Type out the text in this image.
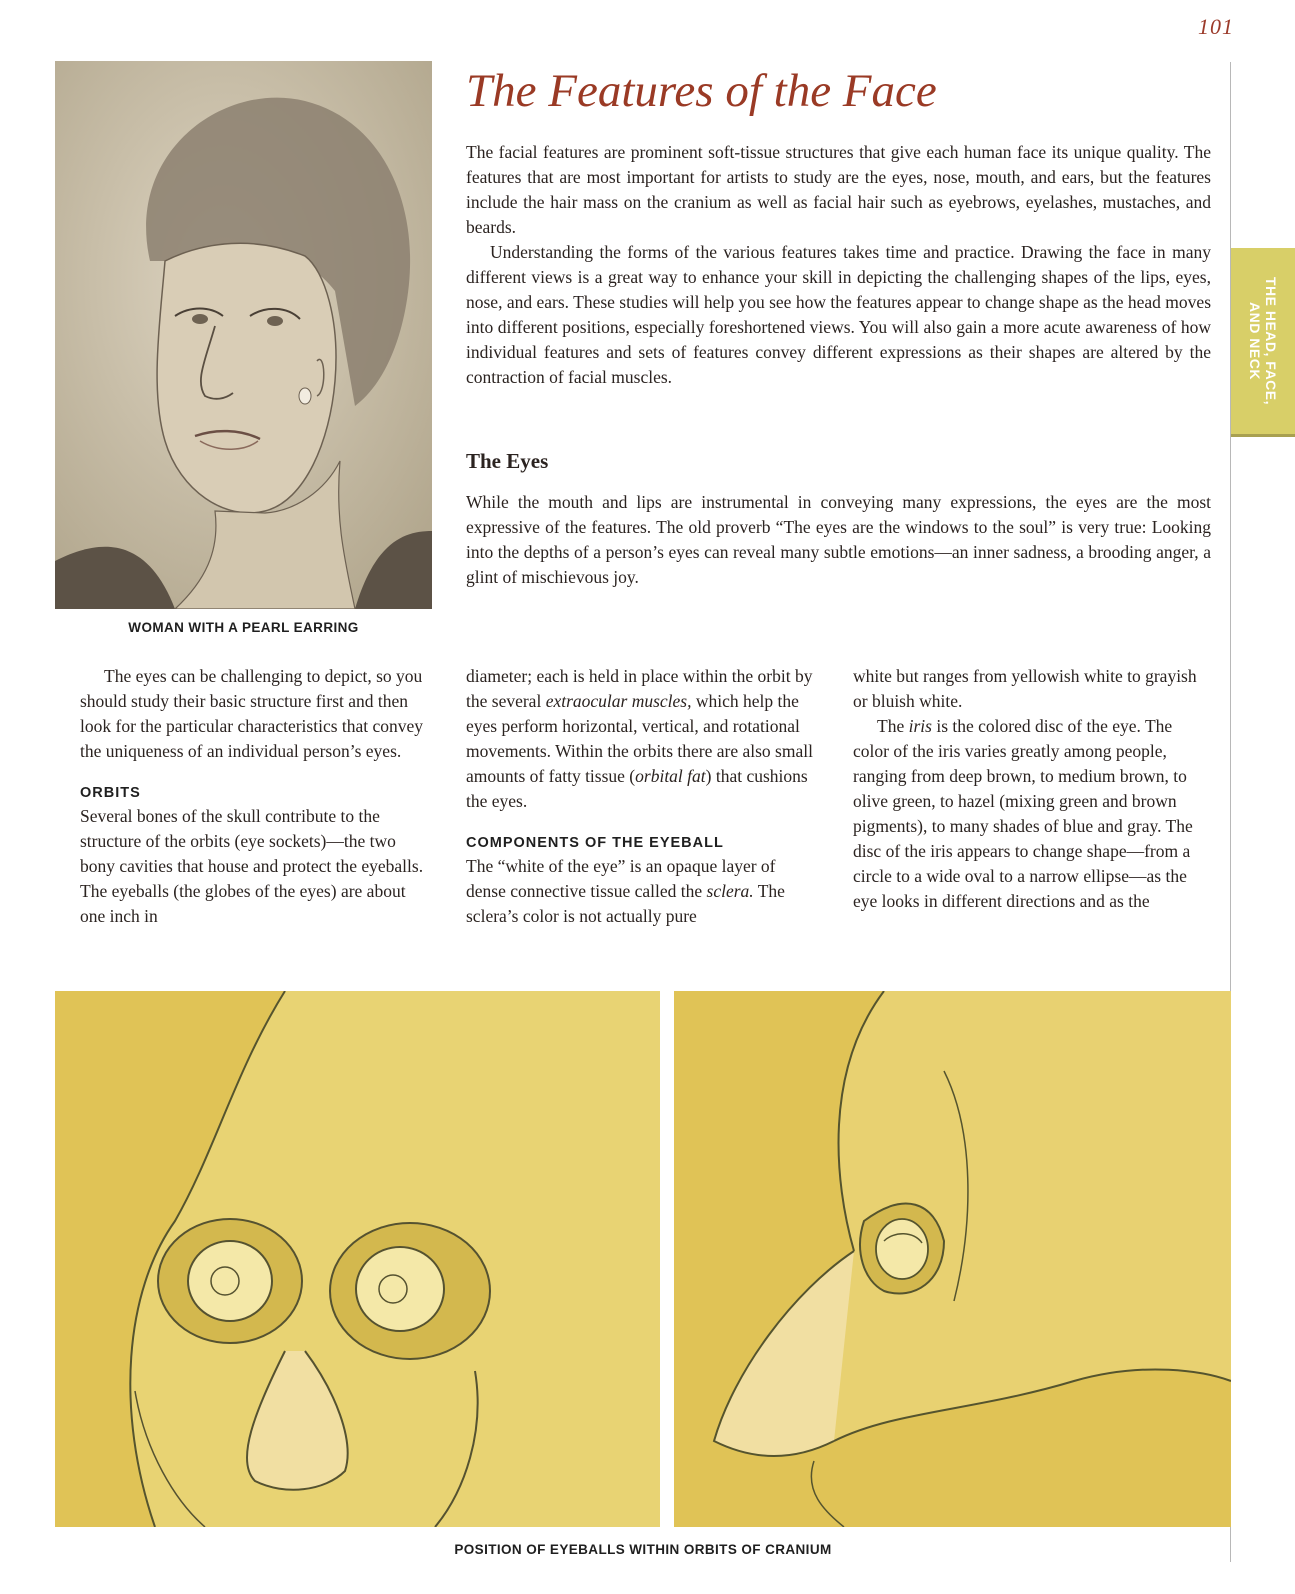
101
THE HEAD, FACE,
AND NECK
WOMAN WITH A PEARL EARRING
The Features of the Face

The facial features are prominent soft-tissue structures that give each human face its unique quality. The features that are most important for artists to study are the eyes, nose, mouth, and ears, but the features include the hair mass on the cranium as well as facial hair such as eyebrows, eyelashes, mustaches, and beards.

Understanding the forms of the various features takes time and practice. Drawing the face in many different views is a great way to enhance your skill in depicting the challenging shapes of the lips, eyes, nose, and ears. These studies will help you see how the features appear to change shape as the head moves into different positions, especially foreshortened views. You will also gain a more acute awareness of how individual features and sets of features convey different expressions as their shapes are altered by the contraction of facial muscles.

The Eyes

While the mouth and lips are instrumental in conveying many expressions, the eyes are the most expressive of the features. The old proverb “The eyes are the windows to the soul” is very true: Looking into the depths of a person’s eyes can reveal many subtle emotions—an inner sadness, a brooding anger, a glint of mischievous joy.

The eyes can be challenging to depict, so you should study their basic structure first and then look for the particular characteristics that convey the uniqueness of an individual person’s eyes.

ORBITS

Several bones of the skull contribute to the structure of the orbits (eye sockets)—the two bony cavities that house and protect the eyeballs. The eyeballs (the globes of the eyes) are about one inch in

diameter; each is held in place within the orbit by the several extraocular muscles, which help the eyes perform horizontal, vertical, and rotational movements. Within the orbits there are also small amounts of fatty tissue (orbital fat) that cushions the eyes.

COMPONENTS OF THE EYEBALL

The “white of the eye” is an opaque layer of dense connective tissue called the sclera. The sclera’s color is not actually pure

white but ranges from yellowish white to grayish or bluish white.

The iris is the colored disc of the eye. The color of the iris varies greatly among people, ranging from deep brown, to medium brown, to olive green, to hazel (mixing green and brown pigments), to many shades of blue and gray. The disc of the iris appears to change shape—from a circle to a wide oval to a narrow ellipse—as the eye looks in different directions and as the

POSITION OF EYEBALLS WITHIN ORBITS OF CRANIUM
